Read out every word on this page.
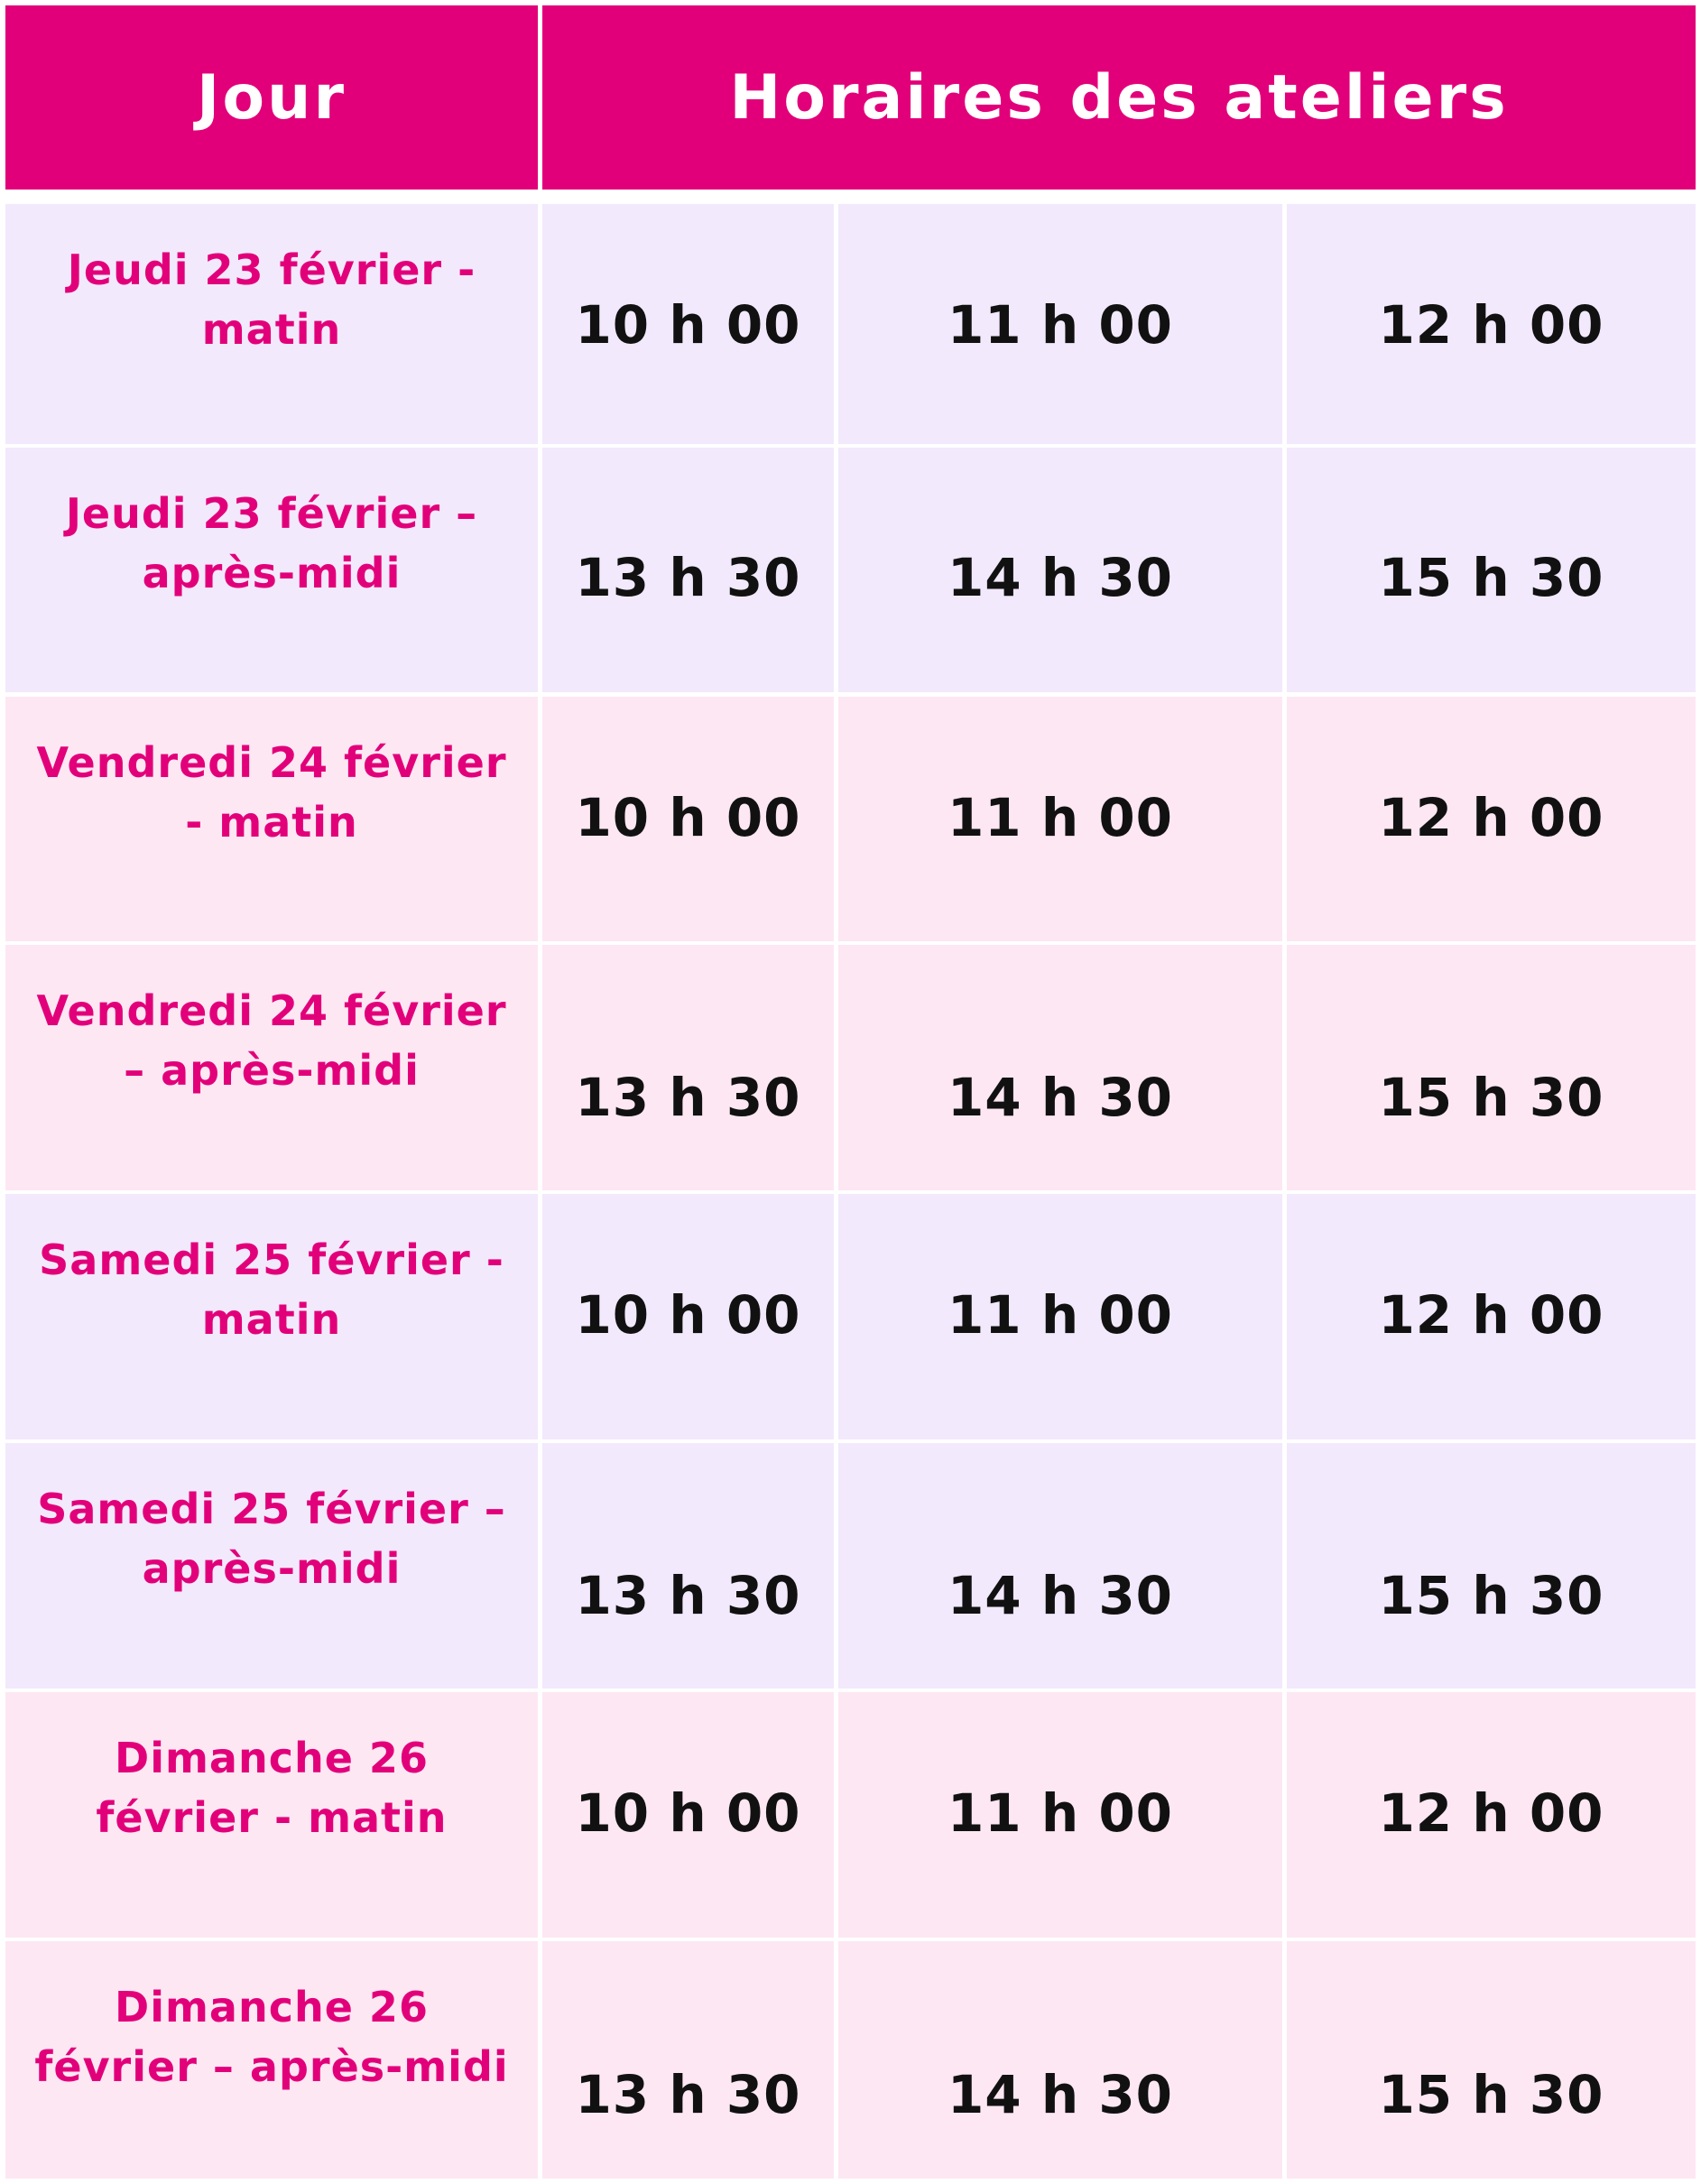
Jour	Horaires des ateliers
Jeudi 23 février - matin	10 h 00	11 h 00	12 h 00
Jeudi 23 février – après-midi	13 h 30	14 h 30	15 h 30
Vendredi 24 février - matin	10 h 00	11 h 00	12 h 00
Vendredi 24 février – après-midi	13 h 30	14 h 30	15 h 30
Samedi 25 février - matin	10 h 00	11 h 00	12 h 00
Samedi 25 février – après-midi	13 h 30	14 h 30	15 h 30
Dimanche 26 février - matin	10 h 00	11 h 00	12 h 00
Dimanche 26 février – après-midi	13 h 30	14 h 30	15 h 30
